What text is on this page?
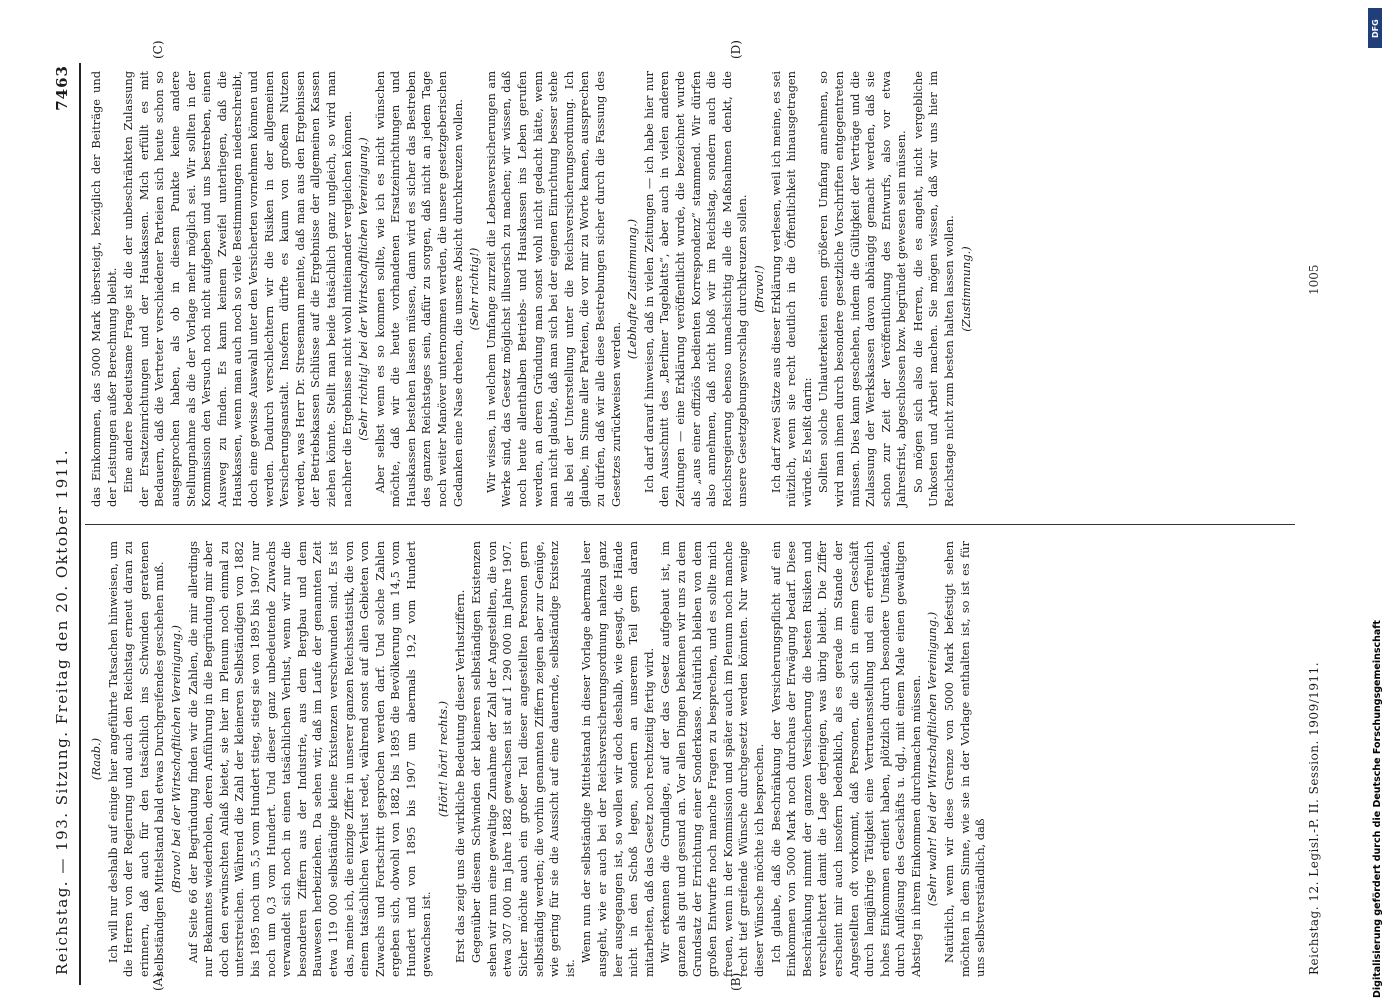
Reichstag. — 193. Sitzung. Freitag den 20. Oktober 1911.
7463
(A)	(B)

(Raab.) Ich will nur deshalb auf einige hier angeführte Tatsachen hinweisen, um die Herren von der Regierung und auch den Reichstag erneut daran zu erinnern, daß auch für den tatsächlich ins Schwinden geratenen selbständigen Mittelstand bald etwas Durchgreifendes geschehen muß. (Bravo! bei der Wirtschaftlichen Vereinigung.) Auf Seite 66 der Begründung finden wir die Zahlen, die mir allerdings nur Bekanntes wiederholen, deren Anführung in die Begründung mir aber doch den erwünschten Anlaß bietet, sie hier im Plenum noch einmal zu unterstreichen. Während die Zahl der kleineren Selbständigen von 1882 bis 1895 noch um 5,5 vom Hundert stieg, stieg sie von 1895 bis 1907 nur noch um 0,3 vom Hundert. Und dieser ganz unbedeutende Zuwachs verwandelt sich noch in einen tatsächlichen Verlust, wenn wir nur die besonderen Ziffern aus der Industrie, aus dem Bergbau und dem Bauwesen herbeiziehen. Da sehen wir, daß im Laufe der genannten Zeit etwa 119 000 selbständige kleine Existenzen verschwunden sind. Es ist das, meine ich, die einzige Ziffer in unserer ganzen Reichsstatistik, die von einem tatsächlichen Verlust redet, während sonst auf allen Gebieten von Zuwachs und Fortschritt gesprochen werden darf. Und solche Zahlen ergeben sich, obwohl von 1882 bis 1895 die Bevölkerung um 14,5 vom Hundert und von 1895 bis 1907 um abermals 19,2 vom Hundert gewachsen ist.

(Hört! hört! rechts.) Erst das zeigt uns die wirkliche Bedeutung dieser Verlustziffern. Gegenüber diesem Schwinden der kleineren selbständigen Existenzen sehen wir nun eine gewaltige Zunahme der Zahl der Angestellten, die von etwa 307 000 im Jahre 1882 gewachsen ist auf 1 290 000 im Jahre 1907. Sicher möchte auch ein großer Teil dieser angestellten Personen gern selbständig werden; die vorhin genannten Ziffern zeigen aber zur Genüge, wie gering für sie die Aussicht auf eine dauernde, selbständige Existenz ist.

Wenn nun der selbständige Mittelstand in dieser Vorlage abermals leer ausgeht, wie er auch bei der Reichsversicherungsordnung nahezu ganz leer ausgegangen ist, so wollen wir doch deshalb, wie gesagt, die Hände nicht in den Schoß legen, sondern an unserem Teil gern daran mitarbeiten, daß das Gesetz noch rechtzeitig fertig wird. Wir erkennen die Grundlage, auf der das Gesetz aufgebaut ist, im ganzen als gut und gesund an. Vor allen Dingen bekennen wir uns zu dem Grundsatz der Errichtung einer Sonderkasse. Natürlich bleiben von dem großen Entwurfe noch manche Fragen zu besprechen, und es sollte mich freuen, wenn in der Kommission und später auch im Plenum noch manche recht tief greifende Wünsche durchgesetzt werden könnten. Nur wenige dieser Wünsche möchte ich besprechen. Ich glaube, daß die Beschränkung der Versicherungspflicht auf ein Einkommen von 5000 Mark noch durchaus der Erwägung bedarf. Diese Beschränkung nimmt der ganzen Versicherung die besten Risiken und verschlechtert damit die Lage derjenigen, was übrig bleibt. Die Ziffer erscheint mir auch insofern bedenklich, als es gerade im Stande der Angestellten oft vorkommt, daß Personen, die sich in einem Geschäft durch langjährige Tätigkeit eine Vertrauensstellung und ein erfreulich hohes Einkommen erdient haben, plötzlich durch besondere Umstände, durch Auflösung des Geschäfts u. dgl., mit einem Male einen gewaltigen Abstieg in ihrem Einkommen durchmachen müssen. (Sehr wahr! bei der Wirtschaftlichen Vereinigung.) Natürlich, wenn wir diese Grenze von 5000 Mark befestigt sehen möchten in dem Sinne, wie sie in der Vorlage enthalten ist, so ist es für uns selbstverständlich, daß

(C)	(D)

das Einkommen, das 5000 Mark übersteigt, bezüglich der Beiträge und der Leistungen außer Berechnung bleibt. Eine andere bedeutsame Frage ist die der unbeschränkten Zulassung der Ersatzeinrichtungen und der Hauskassen. Mich erfüllt es mit Bedauern, daß die Vertreter verschiedener Parteien sich heute schon so ausgesprochen haben, als ob in diesem Punkte keine andere Stellungnahme als die der Vorlage mehr möglich sei. Wir sollten in der Kommission den Versuch noch nicht aufgeben und uns bestreben, einen Ausweg zu finden. Es kann keinem Zweifel unterliegen, daß die Hauskassen, wenn man auch noch so viele Bestimmungen niederschreibt, doch eine gewisse Auswahl unter den Versicherten vornehmen können und werden. Dadurch verschlechtern wir die Risiken in der allgemeinen Versicherungsanstalt. Insofern dürfte es kaum von großem Nutzen werden, was Herr Dr. Stresemann meinte, daß man aus den Ergebnissen der Betriebskassen Schlüsse auf die Ergebnisse der allgemeinen Kassen ziehen könnte. Stellt man beide tatsächlich ganz ungleich, so wird man nachher die Ergebnisse nicht wohl miteinander vergleichen können. (Sehr richtig! bei der Wirtschaftlichen Vereinigung.) Aber selbst wenn es so kommen sollte, wie ich es nicht wünschen möchte, daß wir die heute vorhandenen Ersatzeinrichtungen und Hauskassen bestehen lassen müssen, dann wird es sicher das Bestreben des ganzen Reichstages sein, dafür zu sorgen, daß nicht an jedem Tage noch weiter Manöver unternommen werden, die unsere gesetzgeberischen Gedanken eine Nase drehen, die unsere Absicht durchkreuzen wollen. (Sehr richtig!) Wir wissen, in welchem Umfange zurzeit die Lebensversicherungen am Werke sind, das Gesetz möglichst illusorisch zu machen; wir wissen, daß noch heute allenthalben Betriebs- und Hauskassen ins Leben gerufen werden, an deren Gründung man sonst wohl nicht gedacht hätte, wenn man nicht glaubte, daß man sich bei der eigenen Einrichtung besser stehe als bei der Unterstellung unter die Reichsversicherungsordnung. Ich glaube, im Sinne aller Parteien, die vor mir zu Worte kamen, aussprechen zu dürfen, daß wir alle diese Bestrebungen sicher durch die Fassung des Gesetzes zurückweisen werden.

(Lebhafte Zustimmung.) Ich darf darauf hinweisen, daß in vielen Zeitungen — ich habe hier nur den Ausschnitt des „Berliner Tageblatts“, aber auch in vielen anderen Zeitungen — eine Erklärung veröffentlicht wurde, die bezeichnet wurde als „aus einer offiziös bedienten Korrespondenz“ stammend. Wir dürfen also annehmen, daß nicht bloß wir im Reichstag, sondern auch die Reichsregierung ebenso unnachsichtig alle die Maßnahmen denkt, die unsere Gesetzgebungsvorschlag durchkreuzen sollen. (Bravo!) Ich darf zwei Sätze aus dieser Erklärung verlesen, weil ich meine, es sei nützlich, wenn sie recht deutlich in die Öffentlichkeit hinausgetragen würde. Es heißt darin: Sollten solche Unlauterkeiten einen größeren Umfang annehmen, so wird man ihnen durch besondere gesetzliche Vorschriften entgegentreten müssen. Dies kann geschehen, indem die Gültigkeit der Verträge und die Zulassung der Werkskassen davon abhängig gemacht werden, daß sie schon zur Zeit der Veröffentlichung des Entwurfs, also vor etwa Jahresfrist, abgeschlossen bzw. begründet gewesen sein müssen. So mögen sich also die Herren, die es angeht, nicht vergebliche Unkosten und Arbeit machen. Sie mögen wissen, daß wir uns hier im Reichstage nicht zum besten halten lassen wollen. (Zustimmung.)

Reichstag. 12. Legisl.-P. II. Session. 1909/1911.
1005
DFG
Digitalisierung gefördert durch die Deutsche Forschungsgemeinschaft
